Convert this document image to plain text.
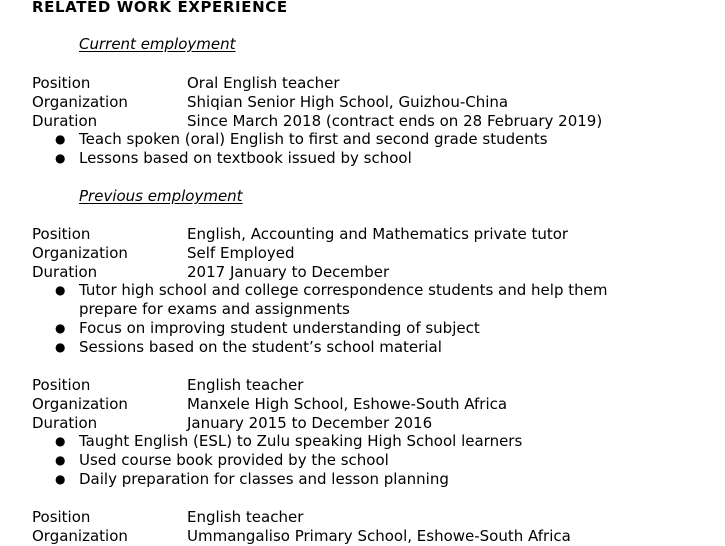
RELATED WORK EXPERIENCE
Current employment
Position	Oral English teacher
Organization	Shiqian Senior High School, Guizhou-China
Duration	Since March 2018 (contract ends on 28 February 2019)
● Teach spoken (oral) English to first and second grade students
● Lessons based on textbook issued by school
Previous employment
Position	English, Accounting and Mathematics private tutor
Organization	Self Employed
Duration	2017 January to December
● Tutor high school and college correspondence students and help them prepare for exams and assignments
● Focus on improving student understanding of subject
● Sessions based on the student’s school material
Position	English teacher
Organization	Manxele High School, Eshowe-South Africa
Duration	January 2015 to December 2016
● Taught English (ESL) to Zulu speaking High School learners
● Used course book provided by the school
● Daily preparation for classes and lesson planning
Position	English teacher
Organization	Ummangaliso Primary School, Eshowe-South Africa
